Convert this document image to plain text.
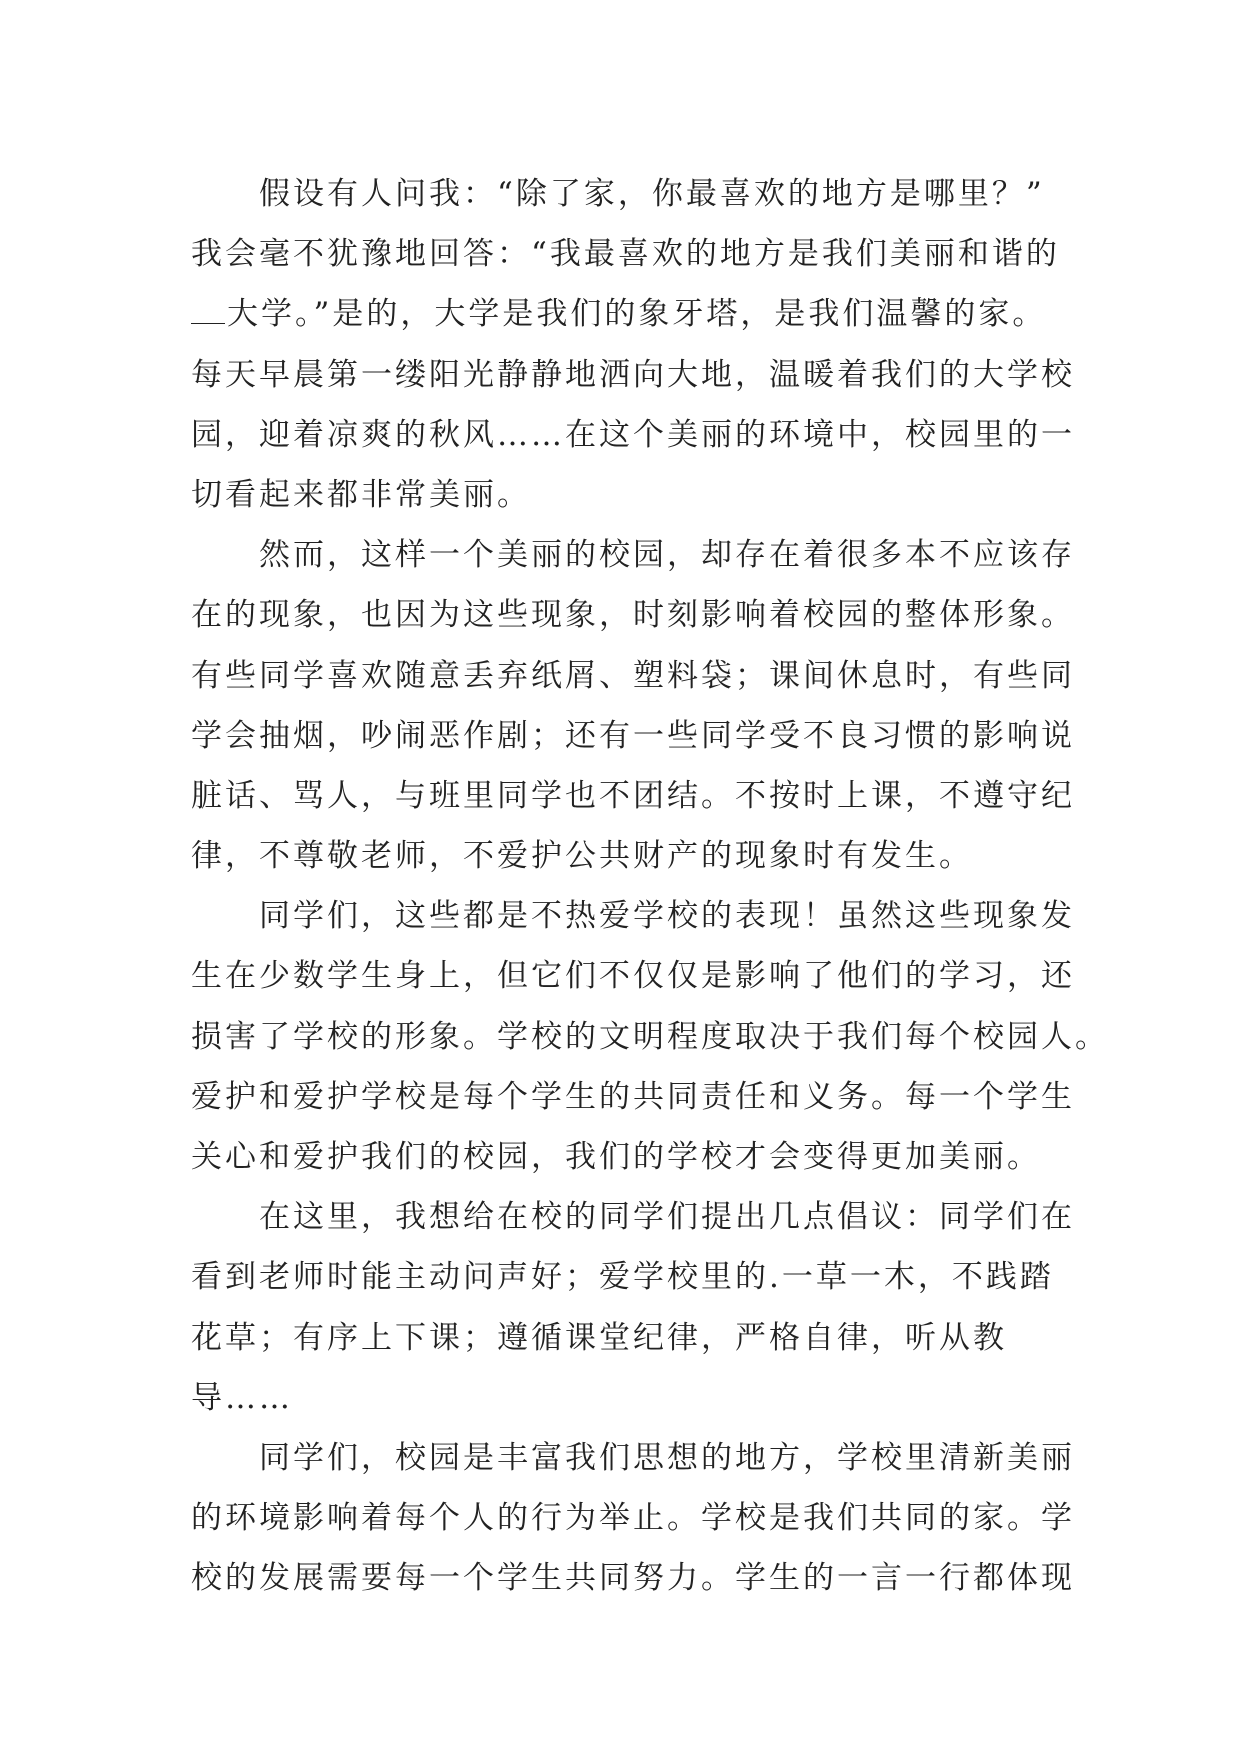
　　假设有人问我：“除了家，你最喜欢的地方是哪里？”
我会毫不犹豫地回答：“我最喜欢的地方是我们美丽和谐的
大学。”是的，大学是我们的象牙塔，是我们温馨的家。
每天早晨第一缕阳光静静地洒向大地，温暖着我们的大学校
园，迎着凉爽的秋风……在这个美丽的环境中，校园里的一
切看起来都非常美丽。
　　然而，这样一个美丽的校园，却存在着很多本不应该存
在的现象，也因为这些现象，时刻影响着校园的整体形象。
有些同学喜欢随意丢弃纸屑、塑料袋；课间休息时，有些同
学会抽烟，吵闹恶作剧；还有一些同学受不良习惯的影响说
脏话、骂人，与班里同学也不团结。不按时上课，不遵守纪
律，不尊敬老师，不爱护公共财产的现象时有发生。
　　同学们，这些都是不热爱学校的表现！虽然这些现象发
生在少数学生身上，但它们不仅仅是影响了他们的学习，还
损害了学校的形象。学校的文明程度取决于我们每个校园人。
爱护和爱护学校是每个学生的共同责任和义务。每一个学生
关心和爱护我们的校园，我们的学校才会变得更加美丽。
　　在这里，我想给在校的同学们提出几点倡议：同学们在
看到老师时能主动问声好；爱学校里的.一草一木，不践踏
花草；有序上下课；遵循课堂纪律，严格自律，听从教
导……
　　同学们，校园是丰富我们思想的地方，学校里清新美丽
的环境影响着每个人的行为举止。学校是我们共同的家。学
校的发展需要每一个学生共同努力。学生的一言一行都体现
